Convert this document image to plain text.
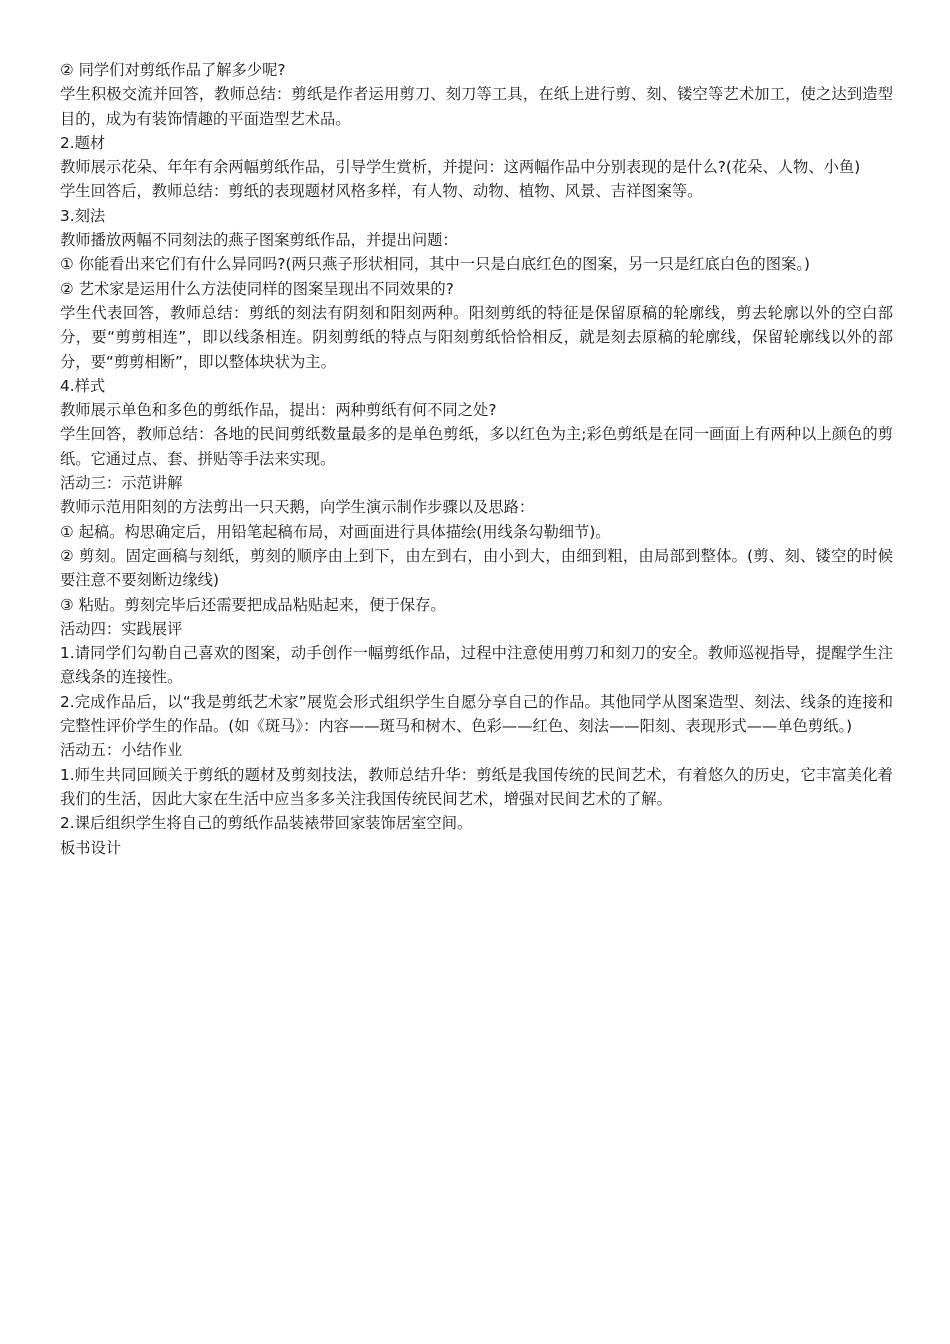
② 同学们对剪纸作品了解多少呢?

学生积极交流并回答，教师总结：剪纸是作者运用剪刀、刻刀等工具，在纸上进行剪、刻、镂空等艺术加工，使之达到造型目的，成为有装饰情趣的平面造型艺术品。

2.题材

教师展示花朵、年年有余两幅剪纸作品，引导学生赏析，并提问：这两幅作品中分别表现的是什么?(花朵、人物、小鱼)

学生回答后，教师总结：剪纸的表现题材风格多样，有人物、动物、植物、风景、吉祥图案等。

3.刻法

教师播放两幅不同刻法的燕子图案剪纸作品，并提出问题：

① 你能看出来它们有什么异同吗?(两只燕子形状相同，其中一只是白底红色的图案，另一只是红底白色的图案。)

② 艺术家是运用什么方法使同样的图案呈现出不同效果的?

学生代表回答，教师总结：剪纸的刻法有阴刻和阳刻两种。阳刻剪纸的特征是保留原稿的轮廓线，剪去轮廓以外的空白部分，要“剪剪相连”，即以线条相连。阴刻剪纸的特点与阳刻剪纸恰恰相反，就是刻去原稿的轮廓线，保留轮廓线以外的部分，要“剪剪相断”，即以整体块状为主。

4.样式

教师展示单色和多色的剪纸作品，提出：两种剪纸有何不同之处?

学生回答，教师总结：各地的民间剪纸数量最多的是单色剪纸，多以红色为主;彩色剪纸是在同一画面上有两种以上颜色的剪纸。它通过点、套、拼贴等手法来实现。

活动三：示范讲解

教师示范用阳刻的方法剪出一只天鹅，向学生演示制作步骤以及思路：

① 起稿。构思确定后，用铅笔起稿布局，对画面进行具体描绘(用线条勾勒细节)。

② 剪刻。固定画稿与刻纸，剪刻的顺序由上到下，由左到右，由小到大，由细到粗，由局部到整体。(剪、刻、镂空的时候要注意不要刻断边缘线)

③ 粘贴。剪刻完毕后还需要把成品粘贴起来，便于保存。

活动四：实践展评

1.请同学们勾勒自己喜欢的图案，动手创作一幅剪纸作品，过程中注意使用剪刀和刻刀的安全。教师巡视指导，提醒学生注意线条的连接性。

2.完成作品后，以“我是剪纸艺术家”展览会形式组织学生自愿分享自己的作品。其他同学从图案造型、刻法、线条的连接和完整性评价学生的作品。(如《斑马》：内容——斑马和树木、色彩——红色、刻法——阳刻、表现形式——单色剪纸。)

活动五：小结作业

1.师生共同回顾关于剪纸的题材及剪刻技法，教师总结升华：剪纸是我国传统的民间艺术，有着悠久的历史，它丰富美化着我们的生活，因此大家在生活中应当多多关注我国传统民间艺术，增强对民间艺术的了解。

2.课后组织学生将自己的剪纸作品装裱带回家装饰居室空间。

板书设计
